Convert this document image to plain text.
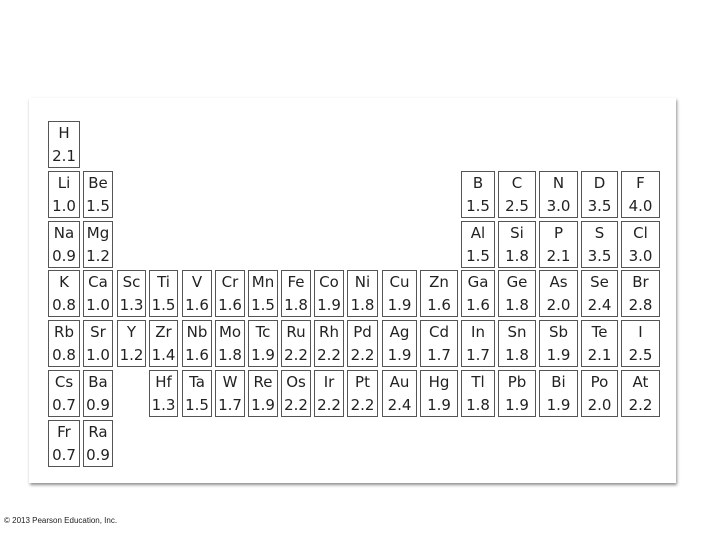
H
2.1
Li
1.0
Be
1.5
B
1.5
C
2.5
N
3.0
D
3.5
F
4.0
Na
0.9
Mg
1.2
Al
1.5
Si
1.8
P
2.1
S
3.5
Cl
3.0
K
0.8
Ca
1.0
Sc
1.3
Ti
1.5
V
1.6
Cr
1.6
Mn
1.5
Fe
1.8
Co
1.9
Ni
1.8
Cu
1.9
Zn
1.6
Ga
1.6
Ge
1.8
As
2.0
Se
2.4
Br
2.8
Rb
0.8
Sr
1.0
Y
1.2
Zr
1.4
Nb
1.6
Mo
1.8
Tc
1.9
Ru
2.2
Rh
2.2
Pd
2.2
Ag
1.9
Cd
1.7
In
1.7
Sn
1.8
Sb
1.9
Te
2.1
I
2.5
Cs
0.7
Ba
0.9
Hf
1.3
Ta
1.5
W
1.7
Re
1.9
Os
2.2
Ir
2.2
Pt
2.2
Au
2.4
Hg
1.9
Tl
1.8
Pb
1.9
Bi
1.9
Po
2.0
At
2.2
Fr
0.7
Ra
0.9
© 2013 Pearson Education, Inc.
